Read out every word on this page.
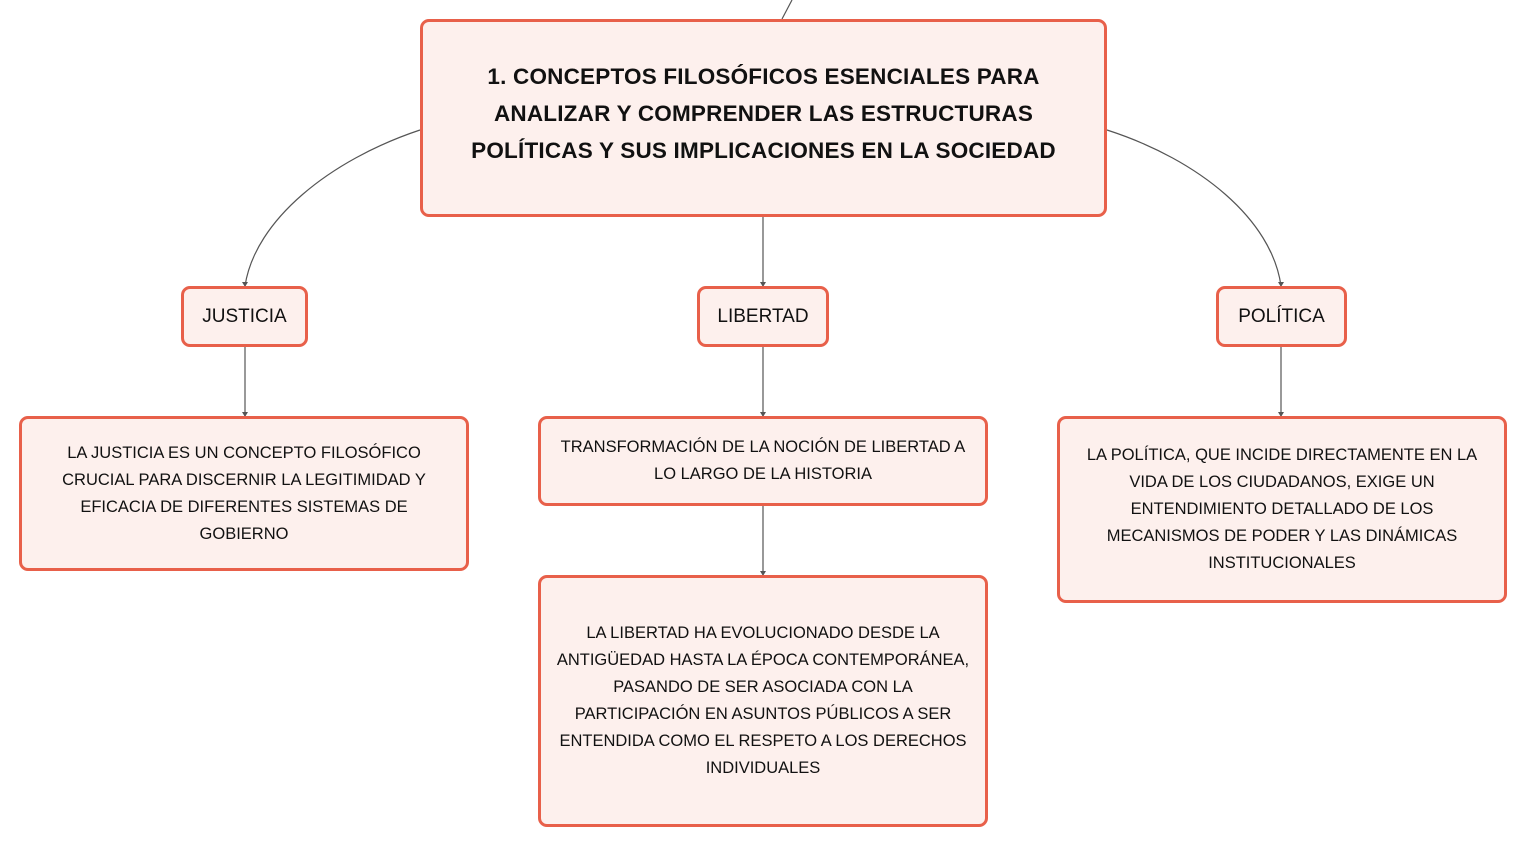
1. CONCEPTOS FILOSÓFICOS ESENCIALES PARA ANALIZAR Y COMPRENDER LAS ESTRUCTURAS POLÍTICAS Y SUS IMPLICACIONES EN LA SOCIEDAD
JUSTICIA	LIBERTAD	POLÍTICA
LA JUSTICIA ES UN CONCEPTO FILOSÓFICO CRUCIAL PARA DISCERNIR LA LEGITIMIDAD Y EFICACIA DE DIFERENTES SISTEMAS DE GOBIERNO
TRANSFORMACIÓN DE LA NOCIÓN DE LIBERTAD A LO LARGO DE LA HISTORIA
LA LIBERTAD HA EVOLUCIONADO DESDE LA ANTIGÜEDAD HASTA LA ÉPOCA CONTEMPORÁNEA, PASANDO DE SER ASOCIADA CON LA PARTICIPACIÓN EN ASUNTOS PÚBLICOS A SER ENTENDIDA COMO EL RESPETO A LOS DERECHOS INDIVIDUALES
LA POLÍTICA, QUE INCIDE DIRECTAMENTE EN LA VIDA DE LOS CIUDADANOS, EXIGE UN ENTENDIMIENTO DETALLADO DE LOS MECANISMOS DE PODER Y LAS DINÁMICAS INSTITUCIONALES
